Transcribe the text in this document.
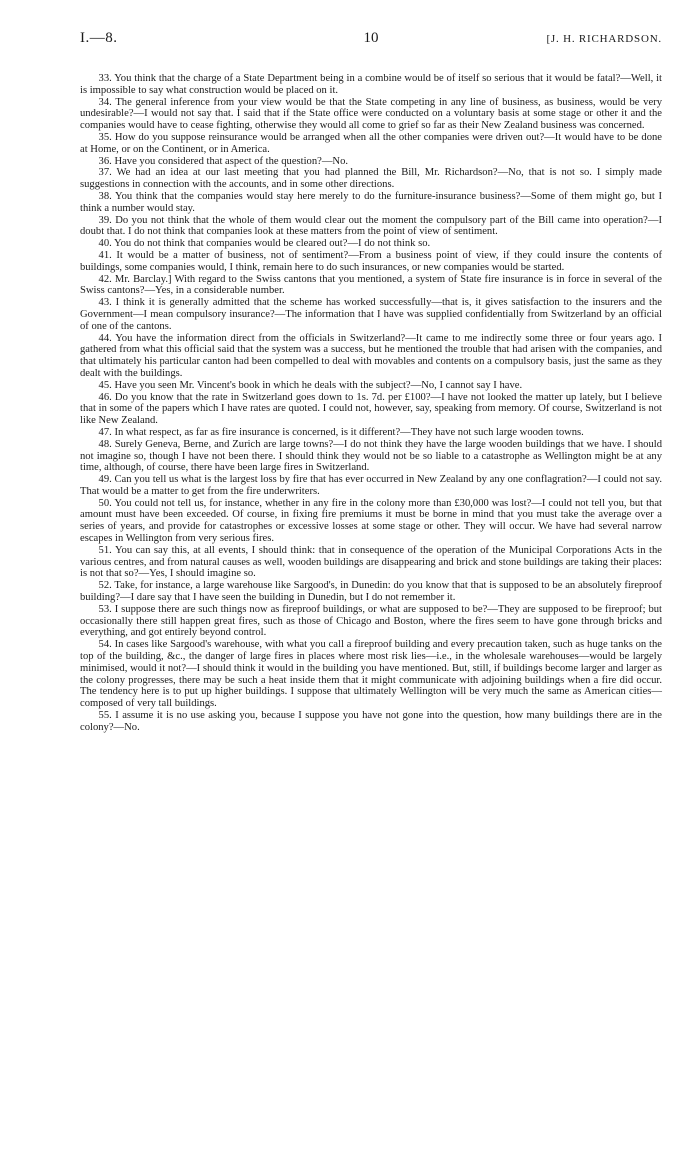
I.—8.	10	[J. H. RICHARDSON.

33. You think that the charge of a State Department being in a combine would be of itself so serious that it would be fatal?—Well, it is impossible to say what construction would be placed on it.

34. The general inference from your view would be that the State competing in any line of business, as business, would be very undesirable?—I would not say that. I said that if the State office were conducted on a voluntary basis at some stage or other it and the companies would have to cease fighting, otherwise they would all come to grief so far as their New Zealand business was concerned.

35. How do you suppose reinsurance would be arranged when all the other companies were driven out?—It would have to be done at Home, or on the Continent, or in America.

36. Have you considered that aspect of the question?—No.

37. We had an idea at our last meeting that you had planned the Bill, Mr. Richardson?—No, that is not so. I simply made suggestions in connection with the accounts, and in some other directions.

38. You think that the companies would stay here merely to do the furniture-insurance business?—Some of them might go, but I think a number would stay.

39. Do you not think that the whole of them would clear out the moment the compulsory part of the Bill came into operation?—I doubt that. I do not think that companies look at these matters from the point of view of sentiment.

40. You do not think that companies would be cleared out?—I do not think so.

41. It would be a matter of business, not of sentiment?—From a business point of view, if they could insure the contents of buildings, some companies would, I think, remain here to do such insurances, or new companies would be started.

42. Mr. Barclay.] With regard to the Swiss cantons that you mentioned, a system of State fire insurance is in force in several of the Swiss cantons?—Yes, in a considerable number.

43. I think it is generally admitted that the scheme has worked successfully—that is, it gives satisfaction to the insurers and the Government—I mean compulsory insurance?—The information that I have was supplied confidentially from Switzerland by an official of one of the cantons.

44. You have the information direct from the officials in Switzerland?—It came to me indirectly some three or four years ago. I gathered from what this official said that the system was a success, but he mentioned the trouble that had arisen with the companies, and that ultimately his particular canton had been compelled to deal with movables and contents on a compulsory basis, just the same as they dealt with the buildings.

45. Have you seen Mr. Vincent's book in which he deals with the subject?—No, I cannot say I have.

46. Do you know that the rate in Switzerland goes down to 1s. 7d. per £100?—I have not looked the matter up lately, but I believe that in some of the papers which I have rates are quoted. I could not, however, say, speaking from memory. Of course, Switzerland is not like New Zealand.

47. In what respect, as far as fire insurance is concerned, is it different?—They have not such large wooden towns.

48. Surely Geneva, Berne, and Zurich are large towns?—I do not think they have the large wooden buildings that we have. I should not imagine so, though I have not been there. I should think they would not be so liable to a catastrophe as Wellington might be at any time, although, of course, there have been large fires in Switzerland.

49. Can you tell us what is the largest loss by fire that has ever occurred in New Zealand by any one conflagration?—I could not say. That would be a matter to get from the fire underwriters.

50. You could not tell us, for instance, whether in any fire in the colony more than £30,000 was lost?—I could not tell you, but that amount must have been exceeded. Of course, in fixing fire premiums it must be borne in mind that you must take the average over a series of years, and provide for catastrophes or excessive losses at some stage or other. They will occur. We have had several narrow escapes in Wellington from very serious fires.

51. You can say this, at all events, I should think: that in consequence of the operation of the Municipal Corporations Acts in the various centres, and from natural causes as well, wooden buildings are disappearing and brick and stone buildings are taking their places: is not that so?—Yes, I should imagine so.

52. Take, for instance, a large warehouse like Sargood's, in Dunedin: do you know that that is supposed to be an absolutely fireproof building?—I dare say that I have seen the building in Dunedin, but I do not remember it.

53. I suppose there are such things now as fireproof buildings, or what are supposed to be?—They are supposed to be fireproof; but occasionally there still happen great fires, such as those of Chicago and Boston, where the fires seem to have gone through bricks and everything, and got entirely beyond control.

54. In cases like Sargood's warehouse, with what you call a fireproof building and every precaution taken, such as huge tanks on the top of the building, &c., the danger of large fires in places where most risk lies—i.e., in the wholesale warehouses—would be largely minimised, would it not?—I should think it would in the building you have mentioned. But, still, if buildings become larger and larger as the colony progresses, there may be such a heat inside them that it might communicate with adjoining buildings when a fire did occur. The tendency here is to put up higher buildings. I suppose that ultimately Wellington will be very much the same as American cities—composed of very tall buildings.

55. I assume it is no use asking you, because I suppose you have not gone into the question, how many buildings there are in the colony?—No.
